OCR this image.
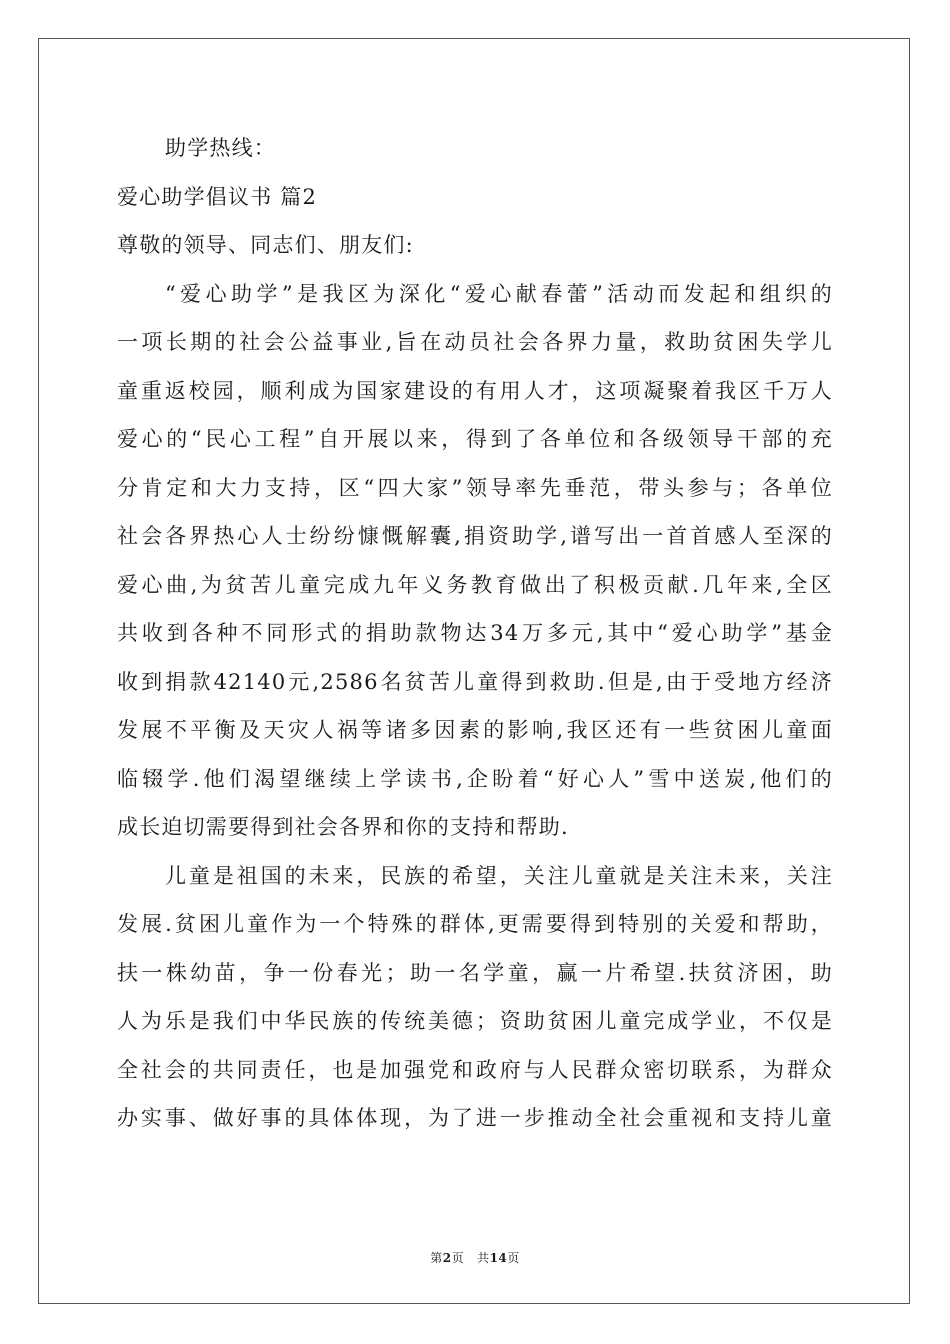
助学热线：
爱心助学倡议书 篇2
尊敬的领导、同志们、朋友们:
“爱心助学”是我区为深化“爱心献春蕾”活动而发起和组织的
一项长期的社会公益事业,旨在动员社会各界力量，救助贫困失学儿
童重返校园，顺利成为国家建设的有用人才，这项凝聚着我区千万人
爱心的“民心工程”自开展以来，得到了各单位和各级领导干部的充
分肯定和大力支持，区“四大家”领导率先垂范，带头参与；各单位
社会各界热心人士纷纷慷慨解囊,捐资助学,谱写出一首首感人至深的
爱心曲,为贫苦儿童完成九年义务教育做出了积极贡献.几年来,全区
共收到各种不同形式的捐助款物达34万多元,其中“爱心助学”基金
收到捐款42140元,2586名贫苦儿童得到救助.但是,由于受地方经济
发展不平衡及天灾人祸等诸多因素的影响,我区还有一些贫困儿童面
临辍学.他们渴望继续上学读书,企盼着“好心人”雪中送炭,他们的
成长迫切需要得到社会各界和你的支持和帮助.
儿童是祖国的未来，民族的希望，关注儿童就是关注未来，关注
发展.贫困儿童作为一个特殊的群体,更需要得到特别的关爱和帮助，
扶一株幼苗，争一份春光；助一名学童，赢一片希望.扶贫济困，助
人为乐是我们中华民族的传统美德；资助贫困儿童完成学业，不仅是
全社会的共同责任，也是加强党和政府与人民群众密切联系，为群众
办实事、做好事的具体体现，为了进一步推动全社会重视和支持儿童
第2页 共14页
